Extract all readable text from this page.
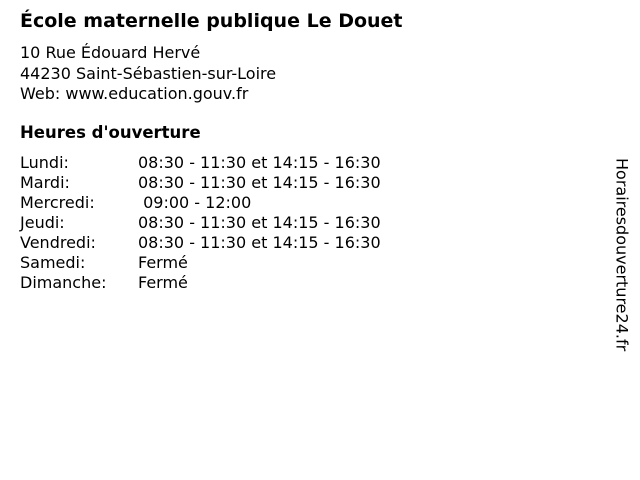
École maternelle publique Le Douet
10 Rue Édouard Hervé
44230 Saint-Sébastien-sur-Loire
Web: www.education.gouv.fr
Heures d'ouverture
Lundi:	08:30 - 11:30 et 14:15 - 16:30
Mardi:	08:30 - 11:30 et 14:15 - 16:30
Mercredi:	09:00 - 12:00
Jeudi:	08:30 - 11:30 et 14:15 - 16:30
Vendredi:	08:30 - 11:30 et 14:15 - 16:30
Samedi:	Fermé
Dimanche: Fermé	Horairesdouverture24.fr
